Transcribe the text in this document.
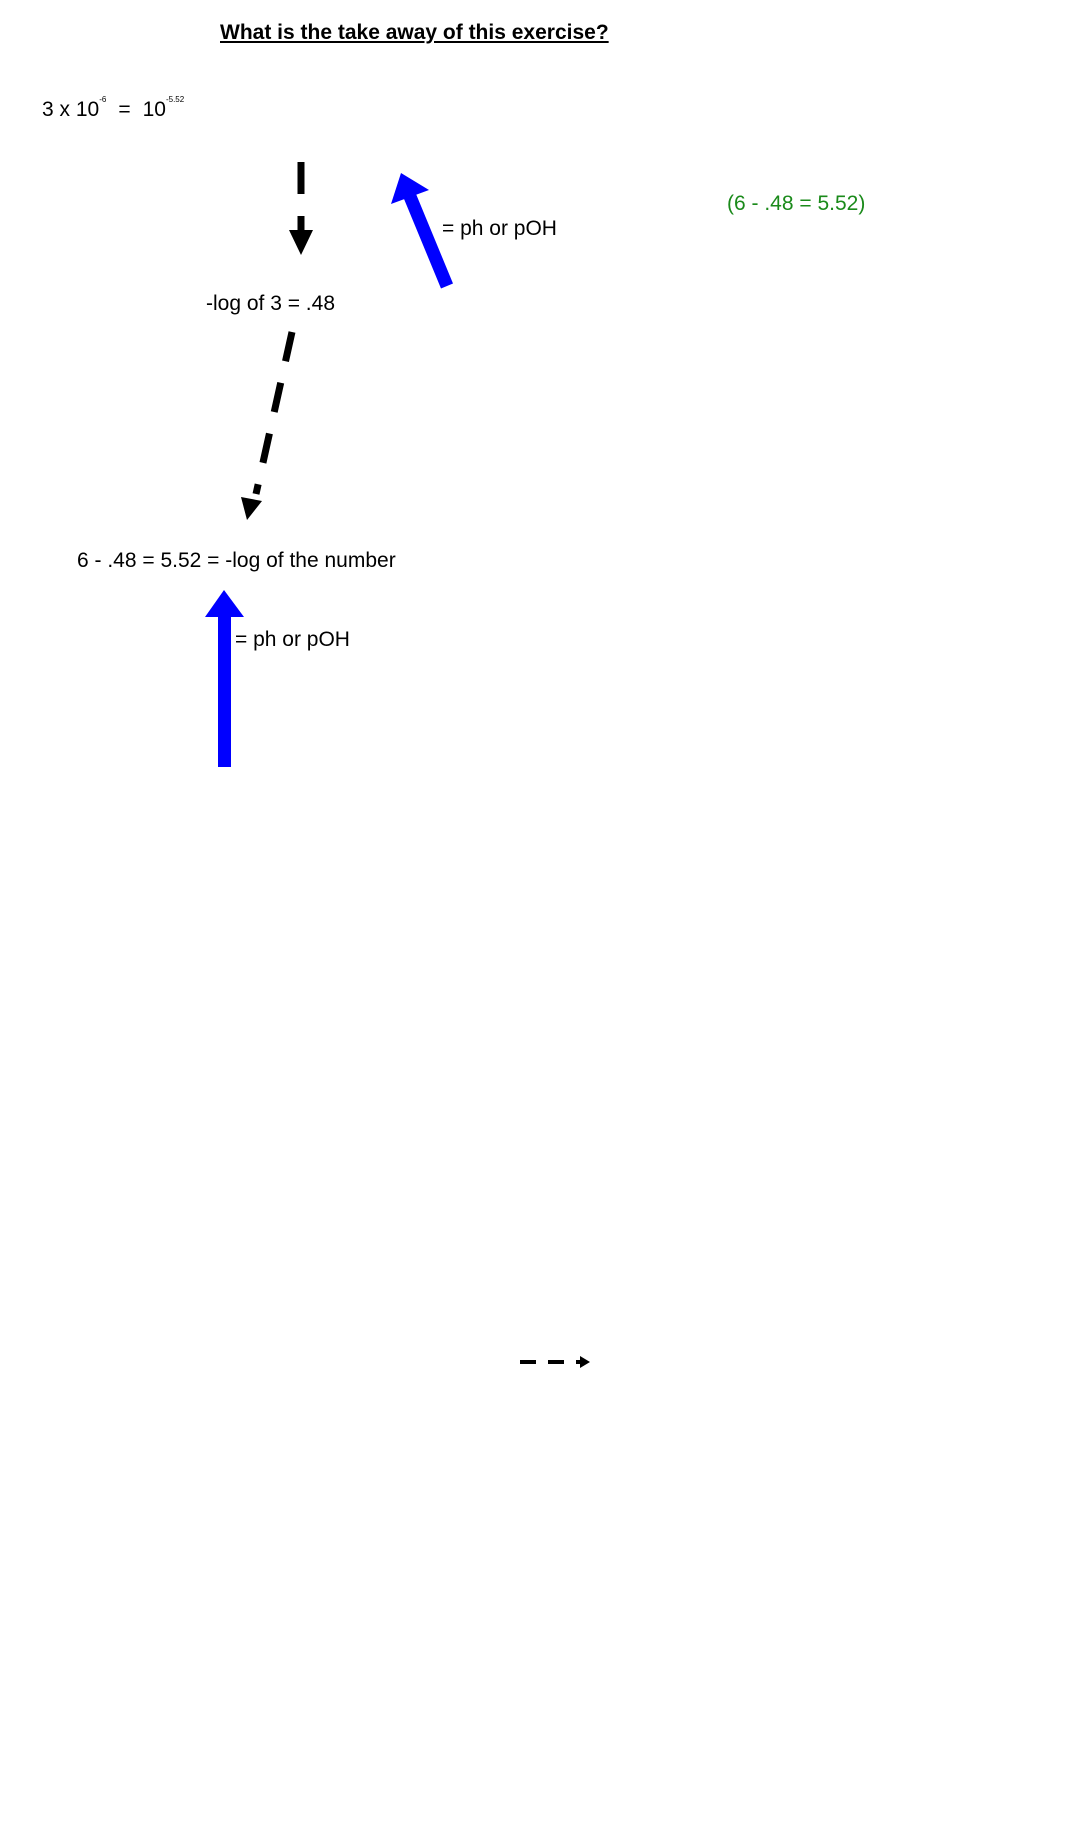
What is the take away of this exercise?
3 x $10^{-6} = 10^{-5.52}$
(6 - .48 = 5.52)
= ph or pOH
-log of 3 = .48
6 - .48 = 5.52 = -log of the number
= ph or pOH
